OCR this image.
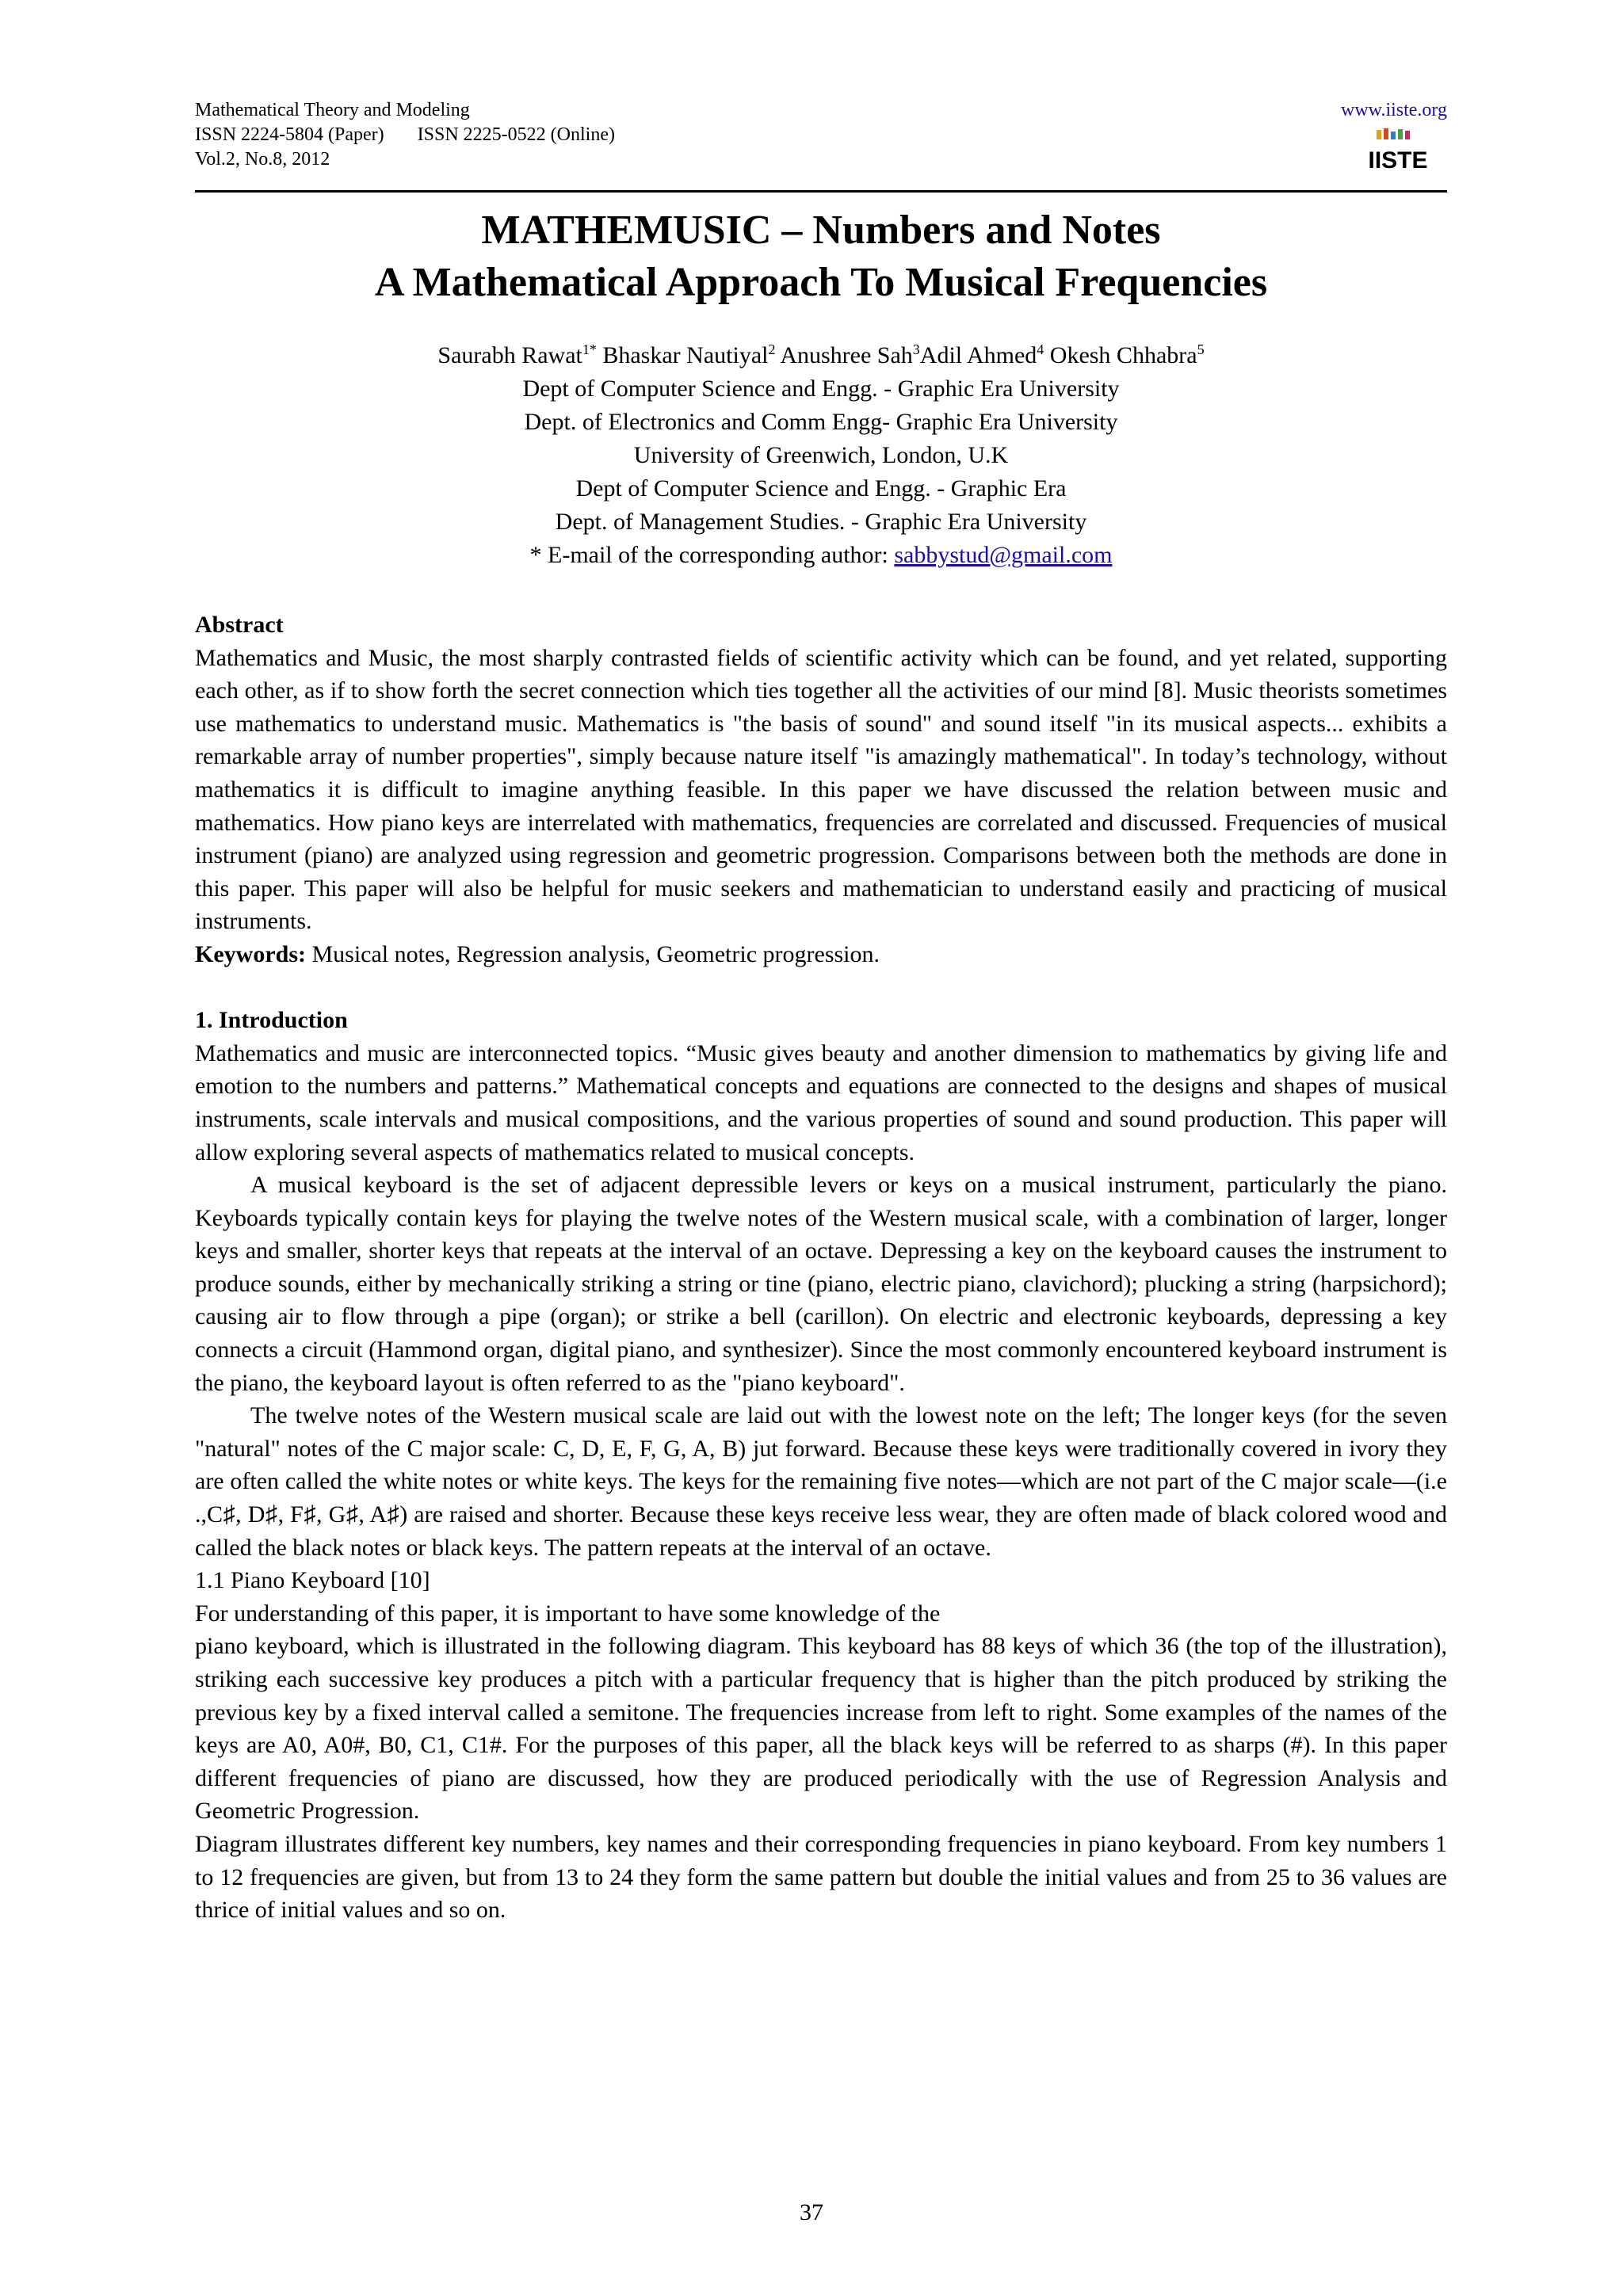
Mathematical Theory and Modeling
ISSN 2224-5804 (Paper) ISSN 2225-0522 (Online)
Vol.2, No.8, 2012
www.iiste.org
IISTE
MATHEMUSIC – Numbers and Notes
A Mathematical Approach To Musical Frequencies
Saurabh Rawat$^{1*}$ Bhaskar Nautiyal$^2$ Anushree Sah$^3$Adil Ahmed$^4$ Okesh Chhabra$^5$
Dept of Computer Science and Engg. - Graphic Era University
Dept. of Electronics and Comm Engg- Graphic Era University
University of Greenwich, London, U.K
Dept of Computer Science and Engg. - Graphic Era
Dept. of Management Studies. - Graphic Era University
* E-mail of the corresponding author: sabbystud@gmail.com

Abstract

Mathematics and Music, the most sharply contrasted fields of scientific activity which can be found, and yet related, supporting each other, as if to show forth the secret connection which ties together all the activities of our mind [8]. Music theorists sometimes use mathematics to understand music. Mathematics is "the basis of sound" and sound itself "in its musical aspects... exhibits a remarkable array of number properties", simply because nature itself "is amazingly mathematical". In today’s technology, without mathematics it is difficult to imagine anything feasible. In this paper we have discussed the relation between music and mathematics. How piano keys are interrelated with mathematics, frequencies are correlated and discussed. Frequencies of musical instrument (piano) are analyzed using regression and geometric progression. Comparisons between both the methods are done in this paper. This paper will also be helpful for music seekers and mathematician to understand easily and practicing of musical instruments.

Keywords: Musical notes, Regression analysis, Geometric progression.

1. Introduction

Mathematics and music are interconnected topics. “Music gives beauty and another dimension to mathematics by giving life and emotion to the numbers and patterns.” Mathematical concepts and equations are connected to the designs and shapes of musical instruments, scale intervals and musical compositions, and the various properties of sound and sound production. This paper will allow exploring several aspects of mathematics related to musical concepts.

A musical keyboard is the set of adjacent depressible levers or keys on a musical instrument, particularly the piano. Keyboards typically contain keys for playing the twelve notes of the Western musical scale, with a combination of larger, longer keys and smaller, shorter keys that repeats at the interval of an octave. Depressing a key on the keyboard causes the instrument to produce sounds, either by mechanically striking a string or tine (piano, electric piano, clavichord); plucking a string (harpsichord); causing air to flow through a pipe (organ); or strike a bell (carillon). On electric and electronic keyboards, depressing a key connects a circuit (Hammond organ, digital piano, and synthesizer). Since the most commonly encountered keyboard instrument is the piano, the keyboard layout is often referred to as the "piano keyboard".

The twelve notes of the Western musical scale are laid out with the lowest note on the left; The longer keys (for the seven "natural" notes of the C major scale: C, D, E, F, G, A, B) jut forward. Because these keys were traditionally covered in ivory they are often called the white notes or white keys. The keys for the remaining five notes—which are not part of the C major scale—(i.e .,C♯, D♯, F♯, G♯, A♯) are raised and shorter. Because these keys receive less wear, they are often made of black colored wood and called the black notes or black keys. The pattern repeats at the interval of an octave.

1.1 Piano Keyboard [10]

For understanding of this paper, it is important to have some knowledge of the

piano keyboard, which is illustrated in the following diagram. This keyboard has 88 keys of which 36 (the top of the illustration), striking each successive key produces a pitch with a particular frequency that is higher than the pitch produced by striking the previous key by a fixed interval called a semitone. The frequencies increase from left to right. Some examples of the names of the keys are A0, A0#, B0, C1, C1#. For the purposes of this paper, all the black keys will be referred to as sharps (#). In this paper different frequencies of piano are discussed, how they are produced periodically with the use of Regression Analysis and Geometric Progression.

Diagram illustrates different key numbers, key names and their corresponding frequencies in piano keyboard. From key numbers 1 to 12 frequencies are given, but from 13 to 24 they form the same pattern but double the initial values and from 25 to 36 values are thrice of initial values and so on.

37
